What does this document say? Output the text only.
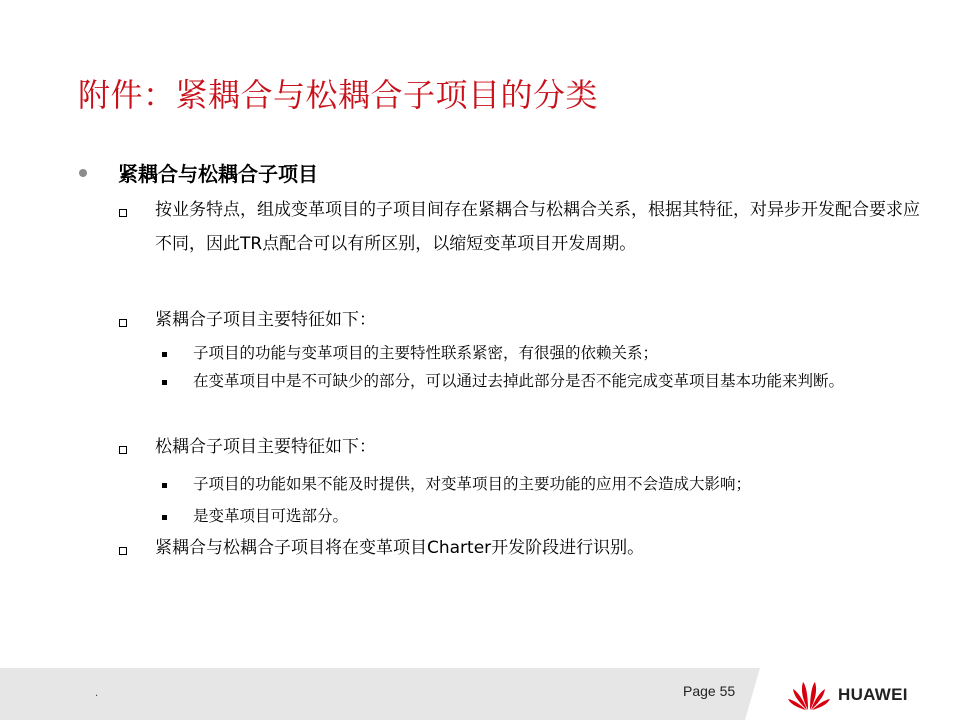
附件：紧耦合与松耦合子项目的分类
紧耦合与松耦合子项目
按业务特点，组成变革项目的子项目间存在紧耦合与松耦合关系，根据其特征，对异步开发配合要求应不同，因此TR点配合可以有所区别，以缩短变革项目开发周期。
紧耦合子项目主要特征如下：
子项目的功能与变革项目的主要特性联系紧密，有很强的依赖关系；
在变革项目中是不可缺少的部分，可以通过去掉此部分是否不能完成变革项目基本功能来判断。
松耦合子项目主要特征如下：
子项目的功能如果不能及时提供，对变革项目的主要功能的应用不会造成大影响；
是变革项目可选部分。
紧耦合与松耦合子项目将在变革项目Charter开发阶段进行识别。
.	Page 55	HUAWEI
